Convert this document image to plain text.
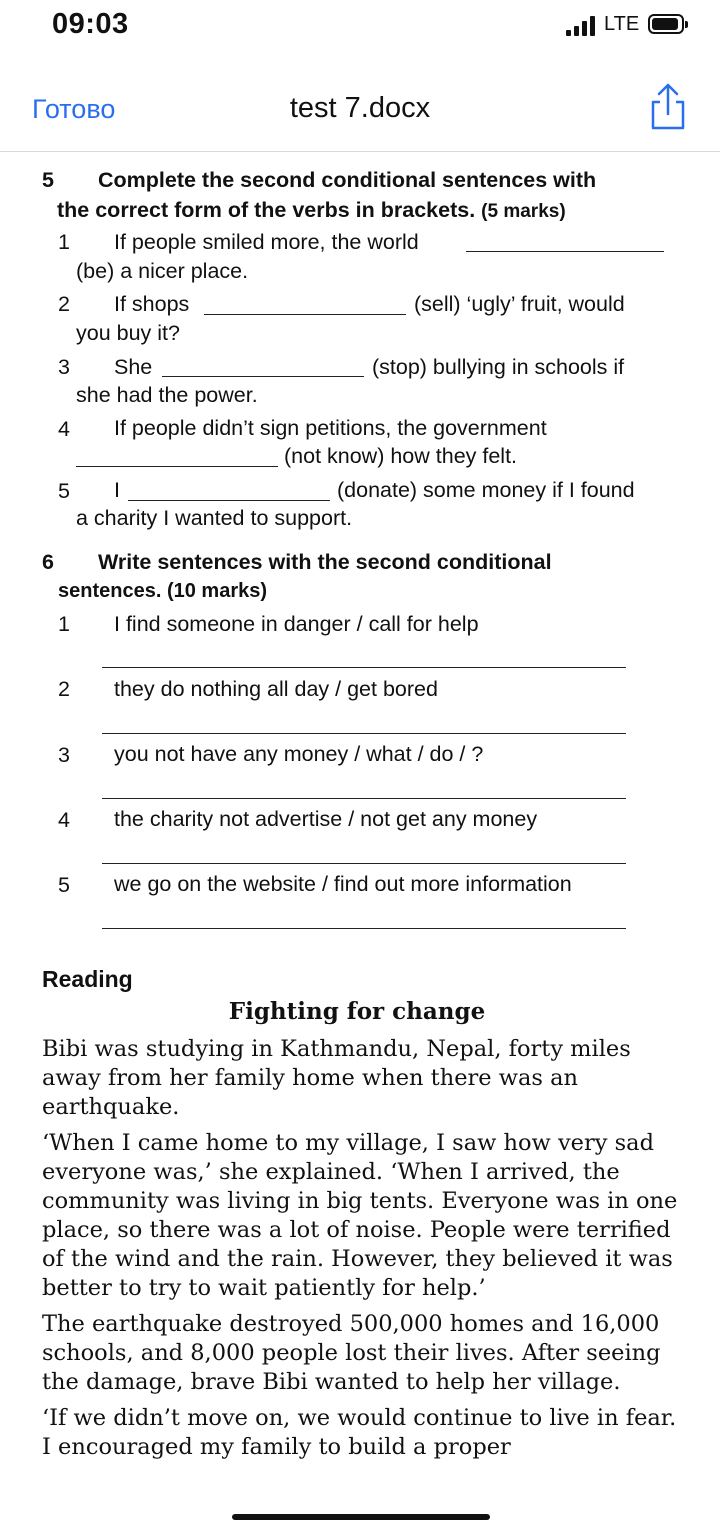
09:03	LTE
Готово	test 7.docx
5 Complete the second conditional sentences with
the correct form of the verbs in brackets. (5 marks)
1 If people smiled more, the world
(be) a nicer place.
2 If shops	(sell) ‘ugly’ fruit, would
you buy it?
3 She	(stop) bullying in schools if
she had the power.
4 If people didn’t sign petitions, the government
(not know) how they felt.
5 I	(donate) some money if I found
a charity I wanted to support.
6 Write sentences with the second conditional
sentences. (10 marks)
1 I find someone in danger / call for help
2 they do nothing all day / get bored
3 you not have any money / what / do / ?
4 the charity not advertise / not get any money
5 we go on the website / find out more information
Reading
Fighting for change

Bibi was studying in Kathmandu, Nepal, forty miles away from her family home when there was an earthquake.

‘When I came home to my village, I saw how very sad everyone was,’ she explained. ‘When I arrived, the community was living in big tents. Everyone was in one place, so there was a lot of noise. People were terrified of the wind and the rain. However, they believed it was better to try to wait patiently for help.’

The earthquake destroyed 500,000 homes and 16,000 schools, and 8,000 people lost their lives. After seeing the damage, brave Bibi wanted to help her village.

‘If we didn’t move on, we would continue to live in fear. I encouraged my family to build a proper
